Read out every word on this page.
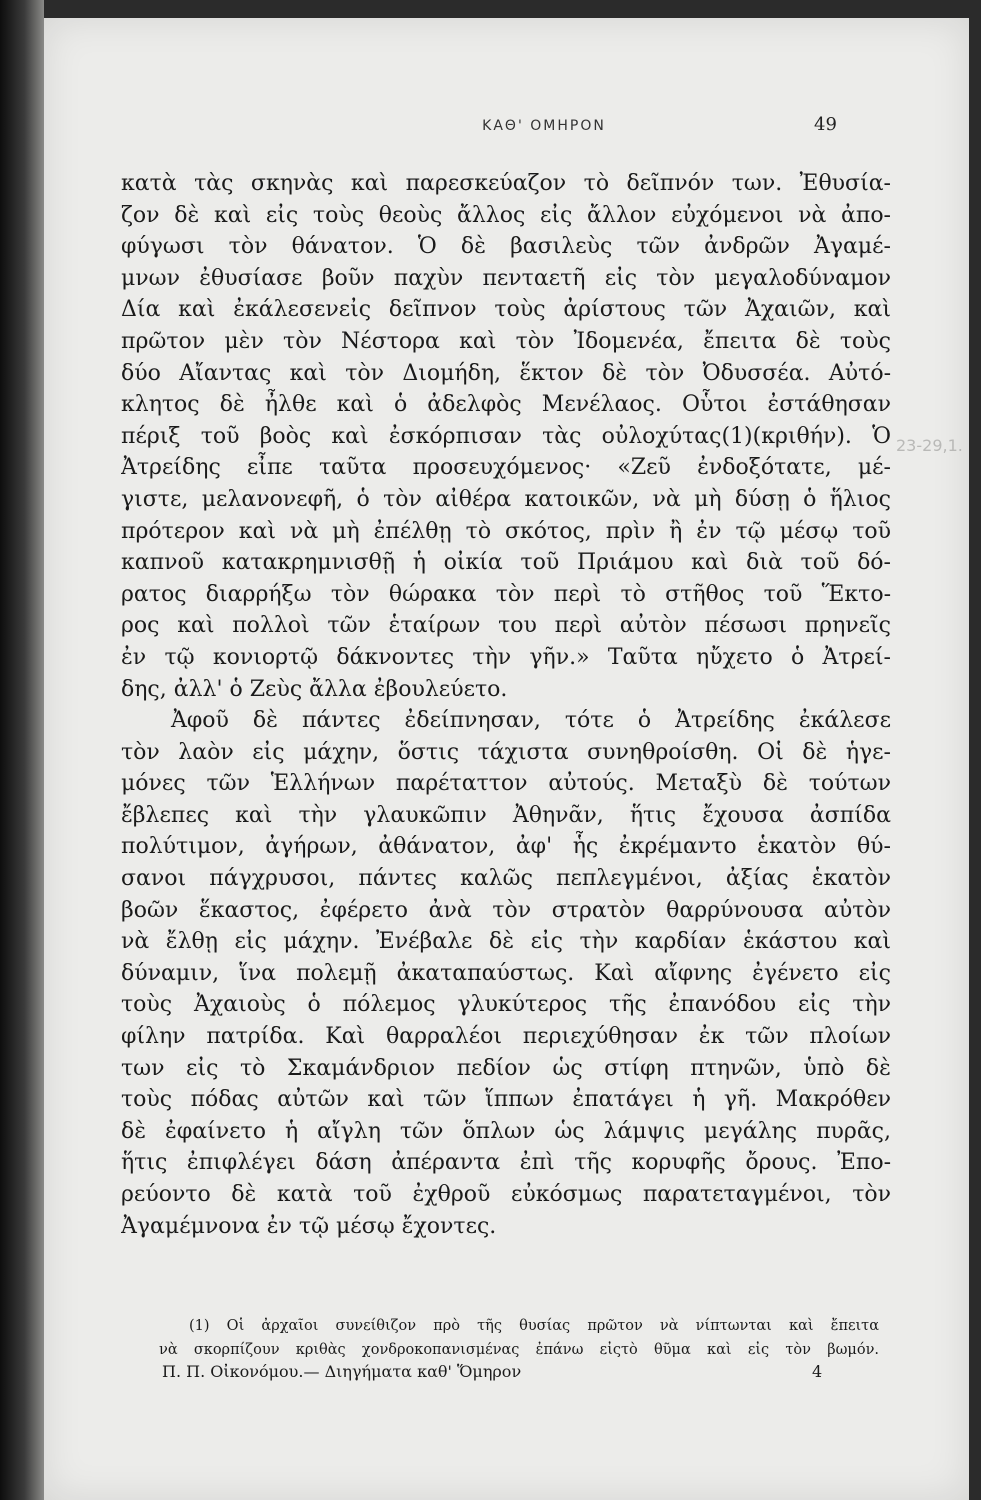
ΚΑΘ' ΟΜΗΡΟΝ	49
κατὰ τὰς σκηνὰς καὶ παρεσκεύαζον τὸ δεῖπνόν των. Ἐθυσία-
ζον δὲ καὶ εἰς τοὺς θεοὺς ἄλλος εἰς ἄλλον εὐχόμενοι νὰ ἀπο-
φύγωσι τὸν θάνατον. Ὁ δὲ βασιλεὺς τῶν ἀνδρῶν Ἀγαμέ-
μνων ἐθυσίασε βοῦν παχὺν πενταετῆ εἰς τὸν μεγαλοδύναμον
Δία καὶ ἐκάλεσενεἰς δεῖπνον τοὺς ἀρίστους τῶν Ἀχαιῶν, καὶ
πρῶτον μὲν τὸν Νέστορα καὶ τὸν Ἰδομενέα, ἔπειτα δὲ τοὺς
δύο Αἴαντας καὶ τὸν Διομήδη, ἕκτον δὲ τὸν Ὀδυσσέα. Αὐτό-
κλητος δὲ ἦλθε καὶ ὁ ἀδελφὸς Μενέλαος. Οὗτοι ἐστάθησαν
πέριξ τοῦ βοὸς καὶ ἐσκόρπισαν τὰς οὐλοχύτας(1)(κριθήν). Ὁ
Ἀτρείδης εἶπε ταῦτα προσευχόμενος· «Ζεῦ ἐνδοξότατε, μέ-
γιστε, μελανονεφῆ, ὁ τὸν αἰθέρα κατοικῶν, νὰ μὴ δύσῃ ὁ ἥλιος
πρότερον καὶ νὰ μὴ ἐπέλθῃ τὸ σκότος, πρὶν ἢ ἐν τῷ μέσῳ τοῦ
καπνοῦ κατακρημνισθῇ ἡ οἰκία τοῦ Πριάμου καὶ διὰ τοῦ δό-
ρατος διαρρήξω τὸν θώρακα τὸν περὶ τὸ στῆθος τοῦ Ἕκτο-
ρος καὶ πολλοὶ τῶν ἑταίρων του περὶ αὐτὸν πέσωσι πρηνεῖς
ἐν τῷ κονιορτῷ δάκνοντες τὴν γῆν.» Ταῦτα ηὔχετο ὁ Ἀτρεί-
δης, ἀλλ' ὁ Ζεὺς ἄλλα ἐβουλεύετο.
Ἀφοῦ δὲ πάντες ἐδείπνησαν, τότε ὁ Ἀτρείδης ἐκάλεσε
τὸν λαὸν εἰς μάχην, ὅστις τάχιστα συνηθροίσθη. Οἱ δὲ ἡγε-
μόνες τῶν Ἑλλήνων παρέταττον αὐτούς. Μεταξὺ δὲ τούτων
ἔβλεπες καὶ τὴν γλαυκῶπιν Ἀθηνᾶν, ἥτις ἔχουσα ἀσπίδα
πολύτιμον, ἀγήρων, ἀθάνατον, ἀφ' ἧς ἐκρέμαντο ἑκατὸν θύ-
σανοι πάγχρυσοι, πάντες καλῶς πεπλεγμένοι, ἀξίας ἑκατὸν
βοῶν ἕκαστος, ἐφέρετο ἀνὰ τὸν στρατὸν θαρρύνουσα αὐτὸν
νὰ ἔλθῃ εἰς μάχην. Ἐνέβαλε δὲ εἰς τὴν καρδίαν ἑκάστου καὶ
δύναμιν, ἵνα πολεμῇ ἀκαταπαύστως. Καὶ αἴφνης ἐγένετο εἰς
τοὺς Ἀχαιοὺς ὁ πόλεμος γλυκύτερος τῆς ἐπανόδου εἰς τὴν
φίλην πατρίδα. Καὶ θαρραλέοι περιεχύθησαν ἐκ τῶν πλοίων
των εἰς τὸ Σκαμάνδριον πεδίον ὡς στίφη πτηνῶν, ὑπὸ δὲ
τοὺς πόδας αὐτῶν καὶ τῶν ἵππων ἐπατάγει ἡ γῆ. Μακρόθεν
δὲ ἐφαίνετο ἡ αἴγλη τῶν ὅπλων ὡς λάμψις μεγάλης πυρᾶς,
ἥτις ἐπιφλέγει δάση ἀπέραντα ἐπὶ τῆς κορυφῆς ὄρους. Ἐπο-
ρεύοντο δὲ κατὰ τοῦ ἐχθροῦ εὐκόσμως παρατεταγμένοι, τὸν
Ἀγαμέμνονα ἐν τῷ μέσῳ ἔχοντες.
23-29,1.
(1) Οἱ ἀρχαῖοι συνείθιζον πρὸ τῆς θυσίας πρῶτον νὰ νίπτωνται καὶ ἔπειτα
νὰ σκορπίζουν κριθὰς χονδροκοπανισμένας ἐπάνω εἰςτὸ θῦμα καὶ εἰς τὸν βωμόν.
Π. Π. Οἰκονόμου.— Διηγήματα καθ' Ὅμηρον	4
